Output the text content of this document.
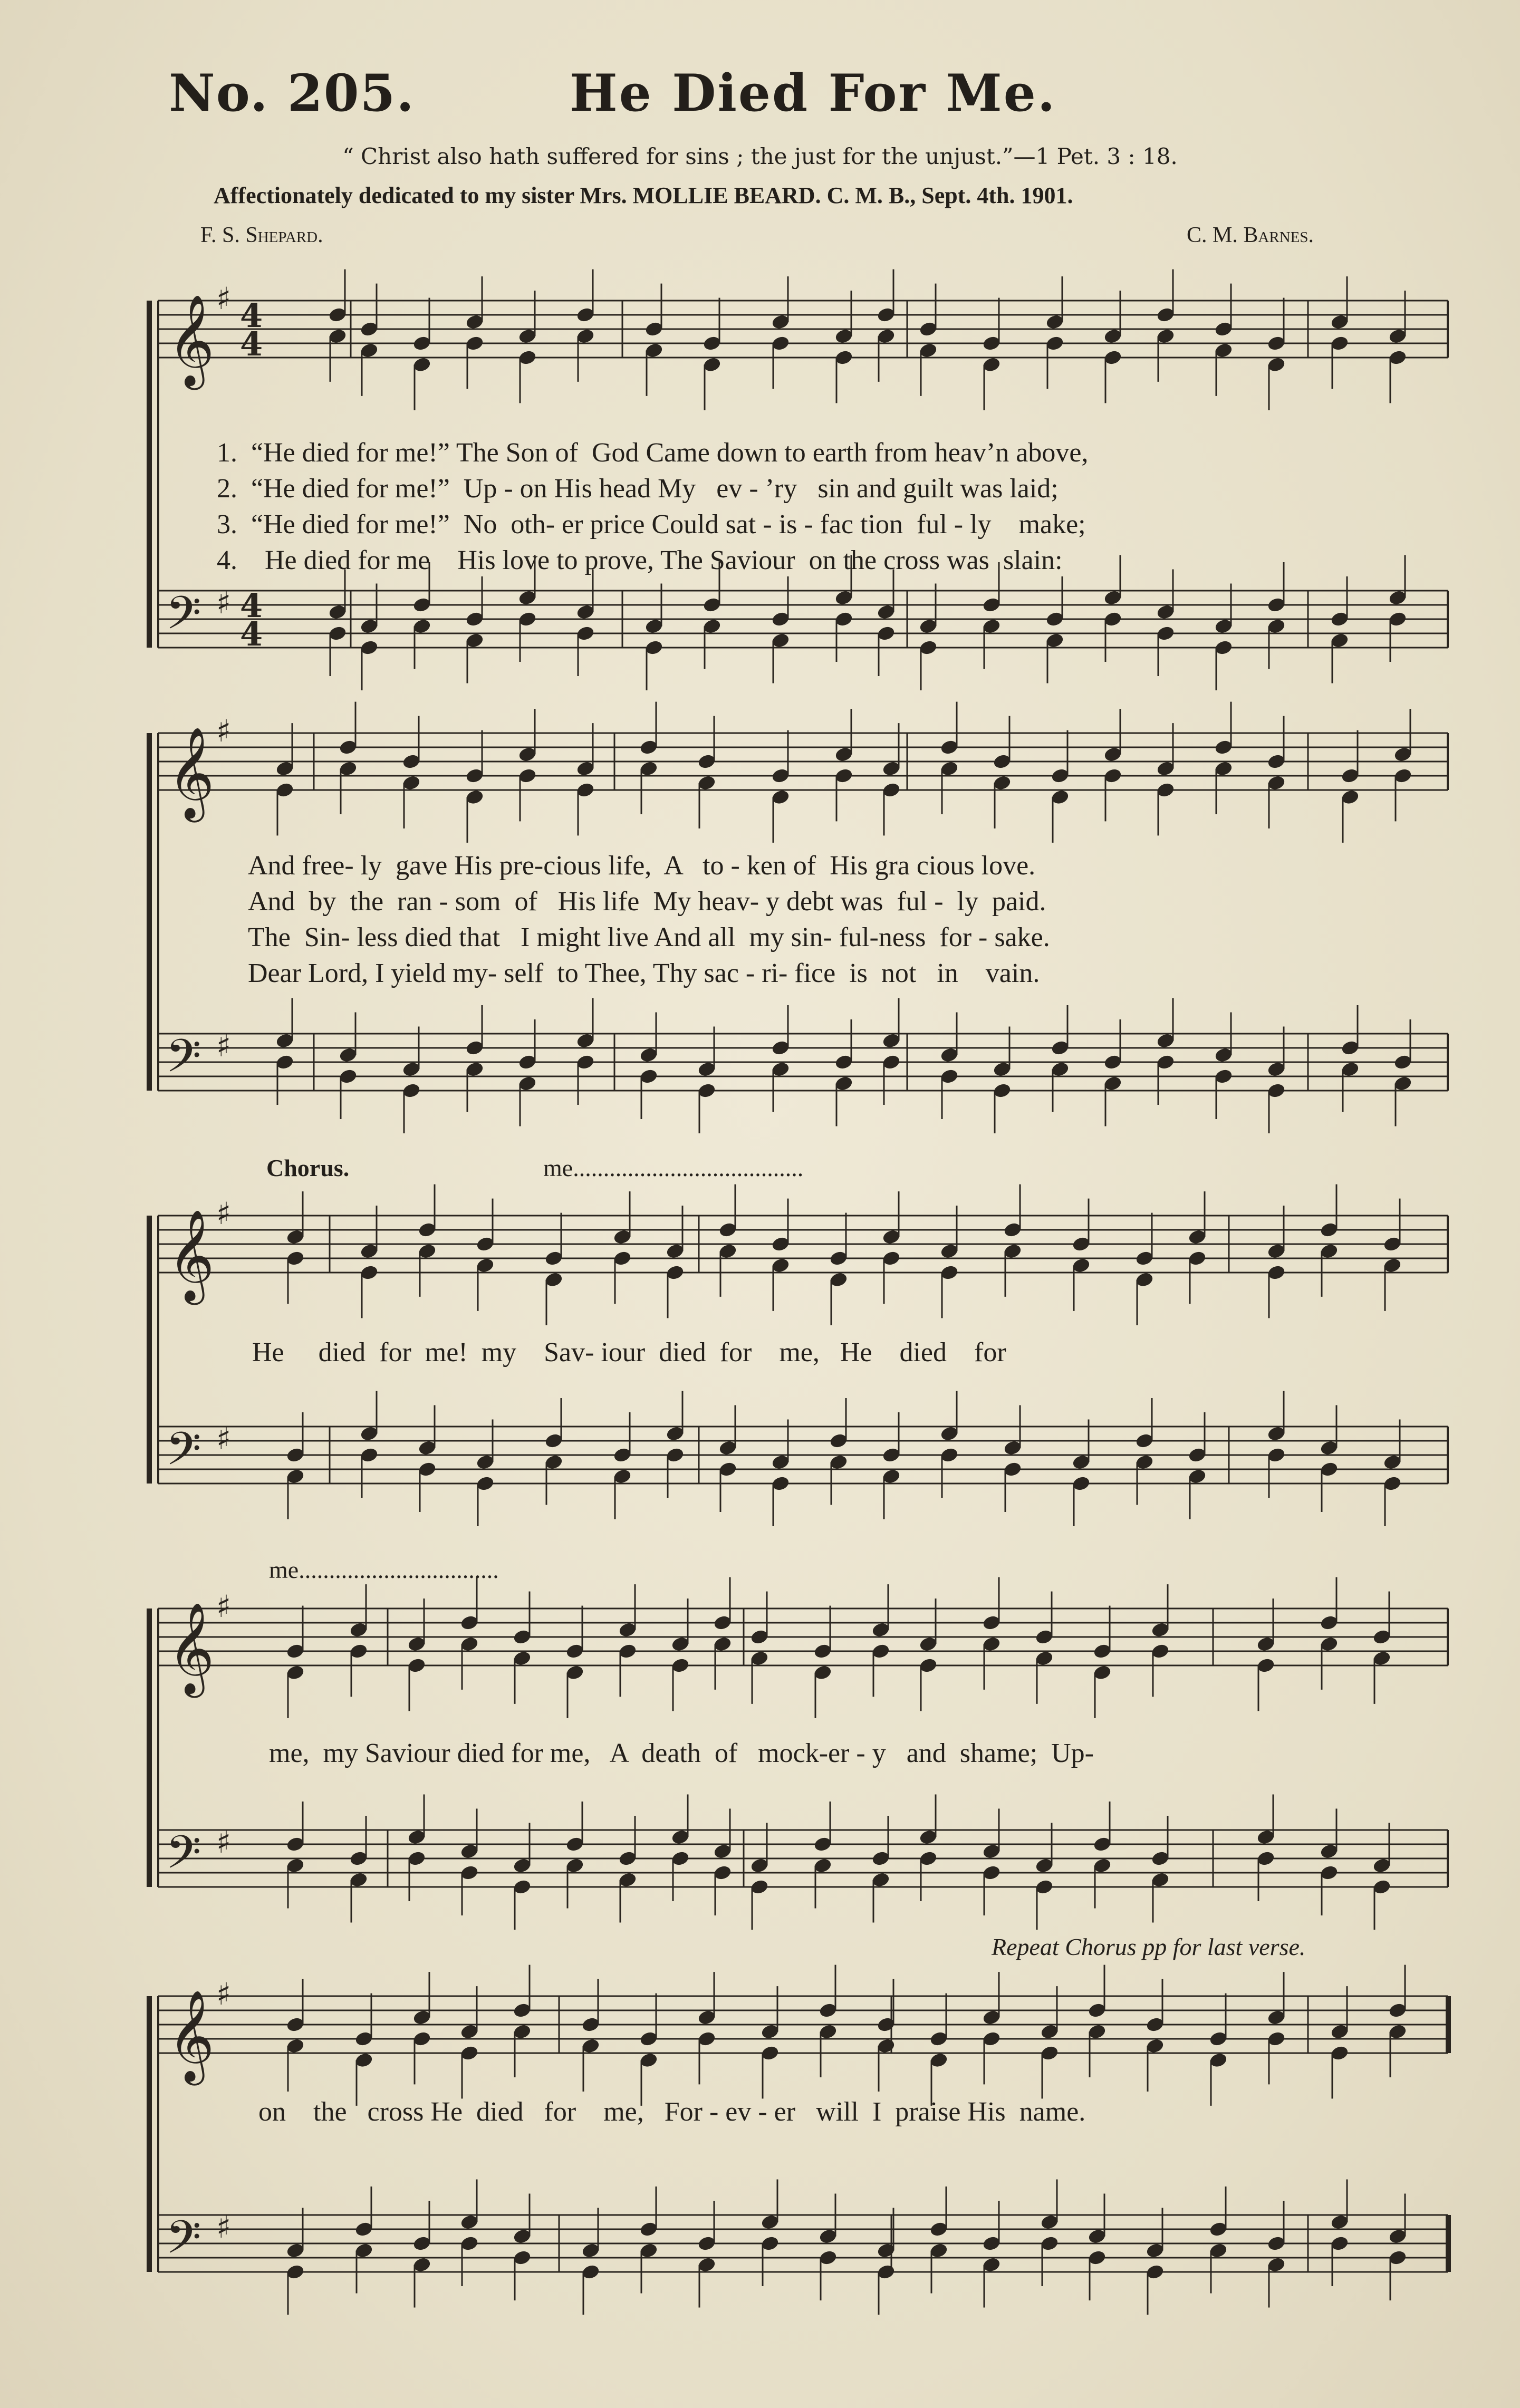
No. 205.	He Died For Me.
“ Christ also hath suffered for sins ; the just for the unjust.”—1 Pet. 3 : 18.
Affectionately dedicated to my sister Mrs. MOLLIE BEARD. C. M. B., Sept. 4th. 1901.
F. S. Shepard.	C. M. Barnes.

1. “He died for me!” The Son of  God Came down to earth from heav’n above,

2. “He died for me!”  Up - on His head My   ev - ’ry   sin and guilt was laid;

3. “He died for me!”  No  oth- er price Could sat - is - fac tion  ful - ly    make;

4.    He died for me    His love to prove, The Saviour  on the cross was  slain:

And free- ly  gave His pre-cious life,  A   to - ken of  His gra cious love.
And  by  the  ran - som  of   His life  My heav- y debt was  ful -  ly  paid.
The  Sin- less died that   I might live And all  my sin- ful-ness  for - sake.
Dear Lord, I yield my- self  to Thee, Thy sac - ri- fice  is  not   in    vain.
Chorus.	me......................................
He     died  for  me!  my    Sav- iour  died  for    me,   He    died    for
me.................................
me,  my Saviour died for me,   A  death  of   mock-er - y   and  shame;  Up-
Repeat Chorus pp for last verse.
on    the   cross He  died   for    me,   For - ev - er   will  I  praise His  name.
𝄞
𝄢
♯
♯
4
4
4
4
𝄞
𝄢
♯
♯
𝄞
𝄢
♯
♯
𝄞
𝄢
♯
♯
𝄞
𝄢
♯
♯
